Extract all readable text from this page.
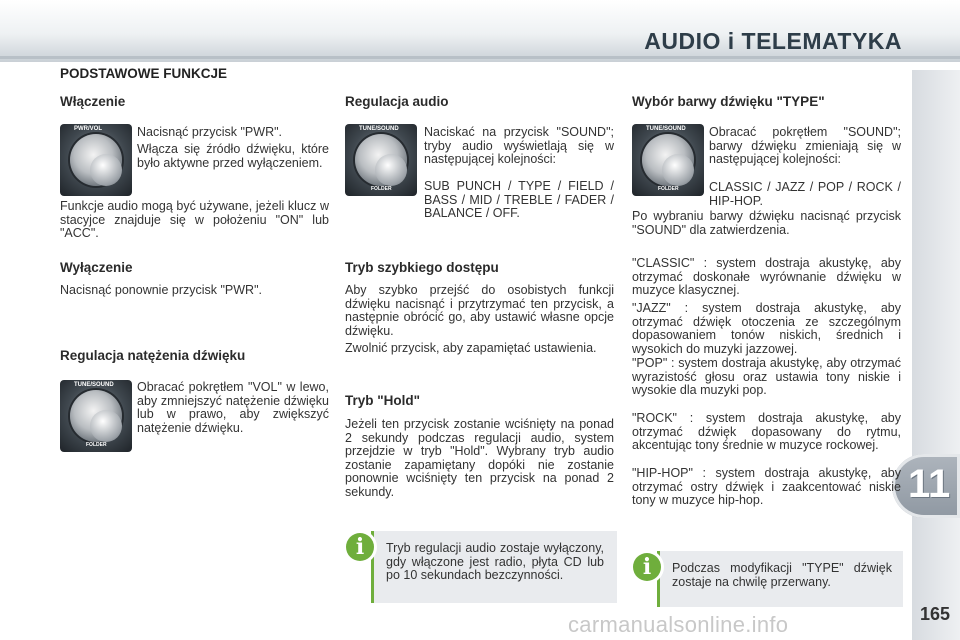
AUDIO i TELEMATYKA
11
165
carmanualsonline.info
PODSTAWOWE FUNKCJE
Włączenie
PWR/VOL	Nacisnąć przycisk "PWR".

Włącza się źródło dźwięku, które było aktywne przed wyłączeniem.

Funkcje audio mogą być używane, jeżeli klucz w stacyjce znajduje się w położeniu "ON" lub "ACC".

Wyłączenie

Nacisnąć ponownie przycisk "PWR".

Regulacja natężenia dźwięku
TUNE/SOUND
FOLDER

Obracać pokrętłem "VOL" w lewo, aby zmniejszyć natężenie dźwięku lub w prawo, aby zwiększyć natężenie dźwięku.

Regulacja audio
TUNE/SOUND
FOLDER

Naciskać na przycisk "SOUND"; tryby audio wyświetlają się w następującej kolejności:

SUB PUNCH / TYPE / FIELD / BASS / MID / TREBLE / FADER / BALANCE / OFF.

Tryb szybkiego dostępu

Aby szybko przejść do osobistych funkcji dźwięku nacisnąć i przytrzymać ten przycisk, a następnie obrócić go, aby ustawić własne opcje dźwięku.

Zwolnić przycisk, aby zapamiętać ustawienia.

Tryb "Hold"

Jeżeli ten przycisk zostanie wciśnięty na ponad 2 sekundy podczas regulacji audio, system przejdzie w tryb "Hold". Wybrany tryb audio zostanie zapamiętany dopóki nie zostanie ponownie wciśnięty ten przycisk na ponad 2 sekundy.

i	Tryb regulacji audio zostaje wyłączony, gdy włączone jest radio, płyta CD lub po 10 sekundach bezczynności.

Wybór barwy dźwięku "TYPE"
TUNE/SOUND
FOLDER

Obracać pokrętłem "SOUND"; barwy dźwięku zmieniają się w następującej kolejności:

CLASSIC / JAZZ / POP / ROCK / HIP-HOP.

Po wybraniu barwy dźwięku nacisnąć przycisk "SOUND" dla zatwierdzenia.

"CLASSIC" : system dostraja akustykę, aby otrzymać doskonałe wyrównanie dźwięku w muzyce klasycznej.

"JAZZ" : system dostraja akustykę, aby otrzymać dźwięk otoczenia ze szczególnym dopasowaniem tonów niskich, średnich i wysokich do muzyki jazzowej.

"POP" : system dostraja akustykę, aby otrzymać wyrazistość głosu oraz ustawia tony niskie i wysokie dla muzyki pop.

"ROCK" : system dostraja akustykę, aby otrzymać dźwięk dopasowany do rytmu, akcentując tony średnie w muzyce rockowej.

"HIP-HOP" : system dostraja akustykę, aby otrzymać ostry dźwięk i zaakcentować niskie tony w muzyce hip-hop.

i	Podczas modyfikacji "TYPE" dźwięk zostaje na chwilę przerwany.
